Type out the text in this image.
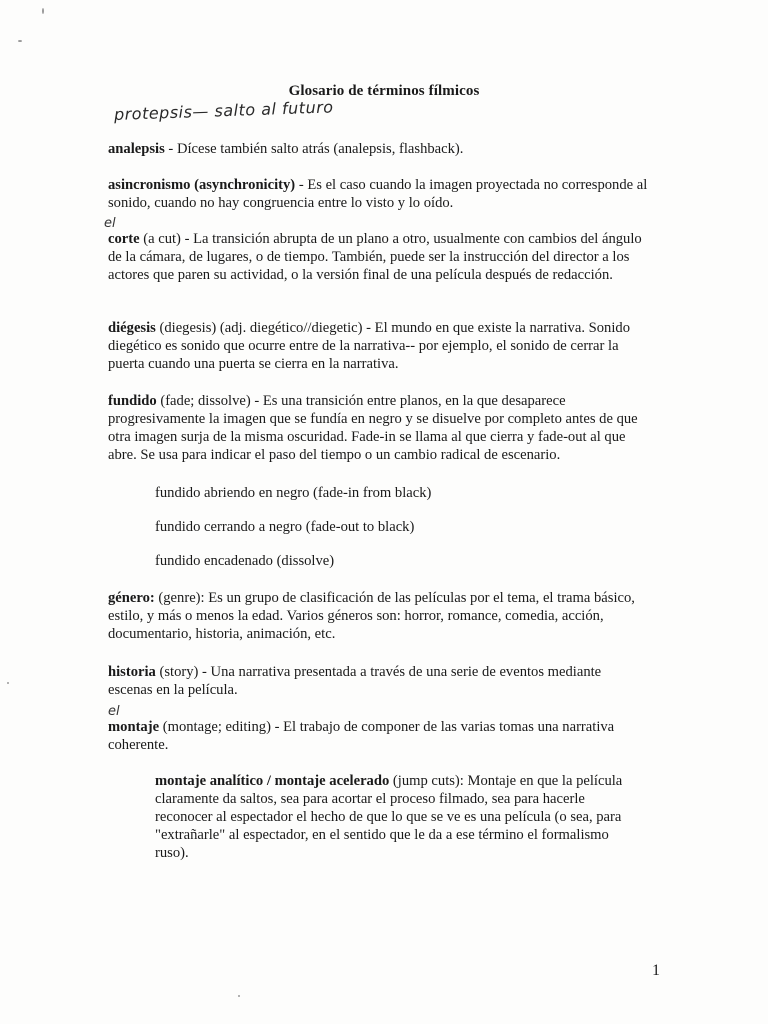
Glosario de términos fílmicos
protepsis— salto al futuro
analepsis - Dícese también salto atrás (analepsis, flashback).
asincronismo (asynchronicity) - Es el caso cuando la imagen proyectada no corresponde al sonido, cuando no hay congruencia entre lo visto y lo oído.
el
corte (a cut) - La transición abrupta de un plano a otro, usualmente con cambios del ángulo de la cámara, de lugares, o de tiempo. También, puede ser la instrucción del director a los actores que paren su actividad, o la versión final de una película después de redacción.
diégesis (diegesis) (adj. diegético//diegetic) - El mundo en que existe la narrativa. Sonido diegético es sonido que ocurre entre de la narrativa-- por ejemplo, el sonido de cerrar la puerta cuando una puerta se cierra en la narrativa.
fundido (fade; dissolve) - Es una transición entre planos, en la que desaparece progresivamente la imagen que se fundía en negro y se disuelve por completo antes de que otra imagen surja de la misma oscuridad. Fade-in se llama al que cierra y fade-out al que abre. Se usa para indicar el paso del tiempo o un cambio radical de escenario.
fundido abriendo en negro (fade-in from black)
fundido cerrando a negro (fade-out to black)
fundido encadenado (dissolve)
género: (genre): Es un grupo de clasificación de las películas por el tema, el trama básico, estilo, y más o menos la edad. Varios géneros son: horror, romance, comedia, acción, documentario, historia, animación, etc.
historia (story) - Una narrativa presentada a través de una serie de eventos mediante escenas en la película.
el
montaje (montage; editing) - El trabajo de componer de las varias tomas una narrativa coherente.
montaje analítico / montaje acelerado (jump cuts): Montaje en que la película claramente da saltos, sea para acortar el proceso filmado, sea para hacerle reconocer al espectador el hecho de que lo que se ve es una película (o sea, para "extrañarle" al espectador, en el sentido que le da a ese término el formalismo ruso).
1
